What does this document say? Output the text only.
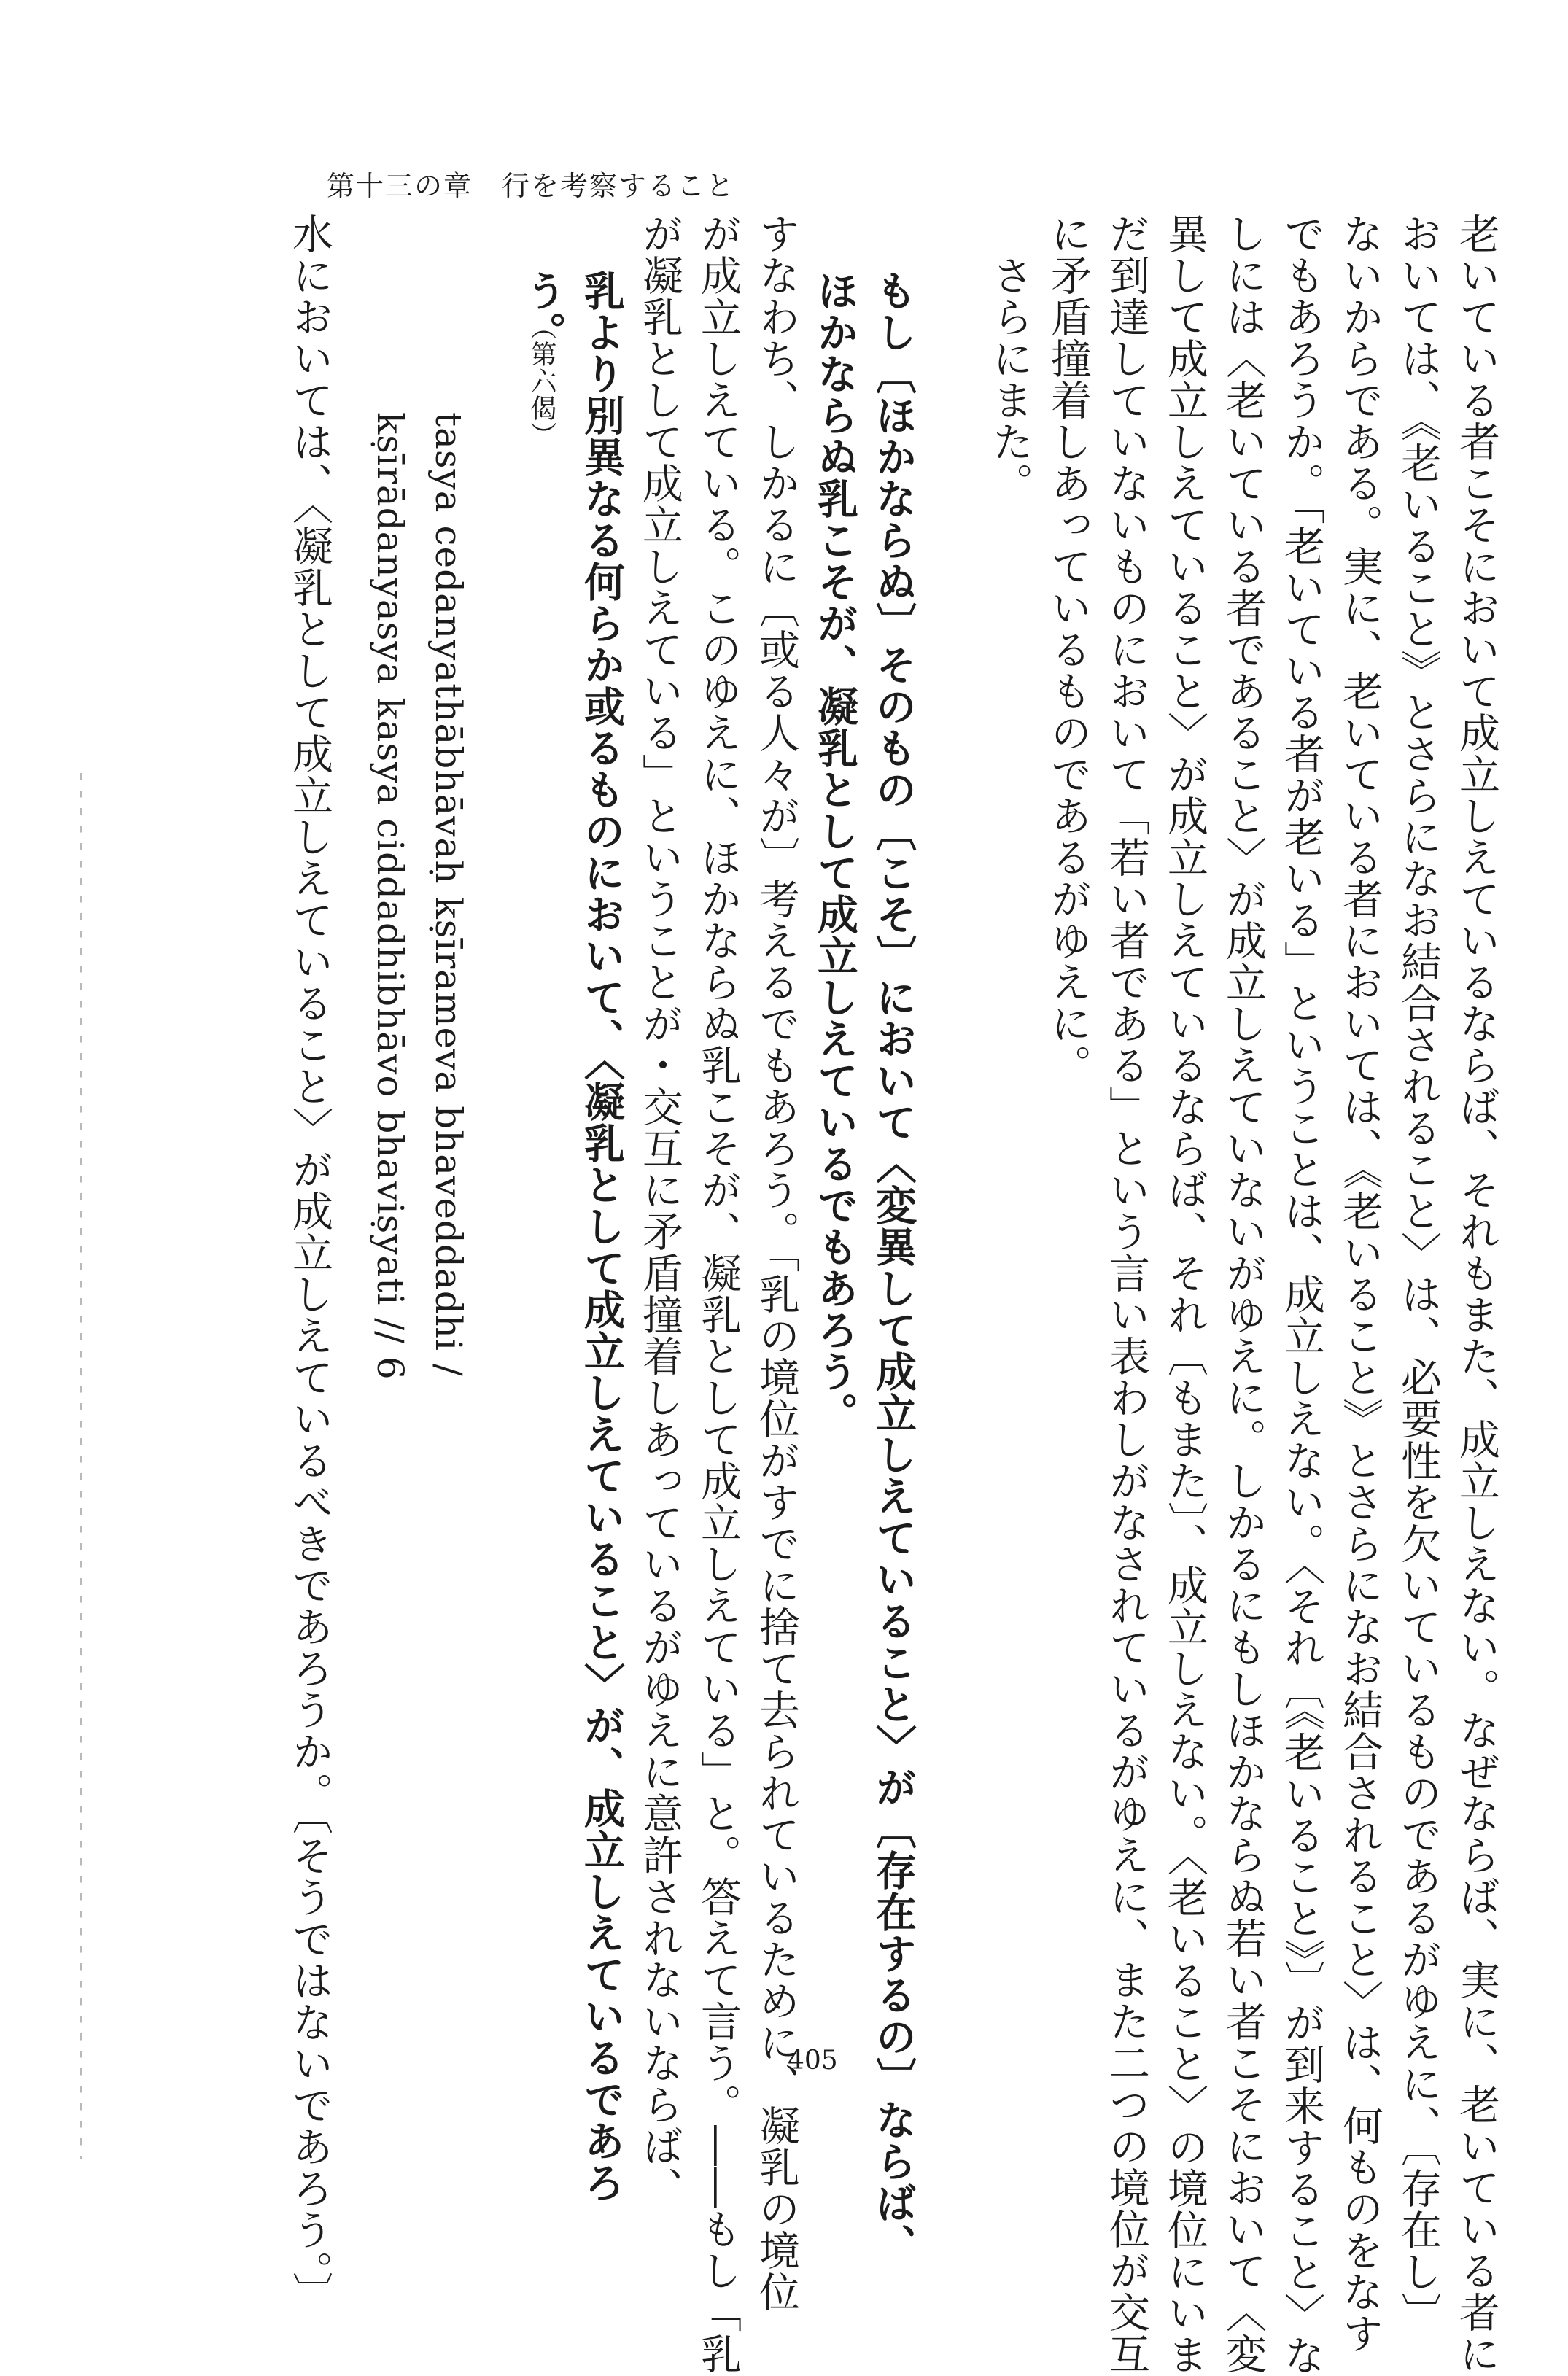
第十三の章　行を考察すること
老いている者こそにおいて成立しえているならば、それもまた、成立しえない。なぜならば、実に、老いている者に
おいては、《老いること》とさらになお結合されること〉は、必要性を欠いているものであるがゆえに、〔存在し〕
ないからである。実に、老いている者においては、《老いること》とさらになお結合されること〉は、何ものをなす
でもあろうか。「老いている者が老いる」ということは、成立しえない。〈それ〔《老いること》〕が到来すること〉な
しには〈老いている者であること〉が成立しえていないがゆえに。しかるにもしほかならぬ若い者こそにおいて〈変
異して成立しえていること〉が成立しえているならば、それ〔もまた〕、成立しえない。〈老いること〉の境位にいま
だ到達していないものにおいて「若い者である」という言い表わしがなされているがゆえに、また二つの境位が交互
に矛盾撞着しあっているものであるがゆえに。
　さらにまた。
もし〔ほかならぬ〕そのもの〔こそ〕において〈変異して成立しえていること〉が〔存在するの〕ならば、
ほかならぬ乳こそが、凝乳として成立しえているでもあろう。
すなわち、しかるに〔或る人々が〕考えるでもあろう。「乳の境位がすでに捨て去られているために、凝乳の境位
が成立しえている。このゆえに、ほかならぬ乳こそが、凝乳として成立しえている」と。答えて言う。――もし「乳
が凝乳として成立しえている」ということが・交互に矛盾撞着しあっているがゆえに意許されないならば、
乳より別異なる何らか或るものにおいて、〈凝乳として成立しえていること〉が、成立しえているであろ
う。
（第六偈）
tasya cedanyathābhāvaḥ kṣīrameva bhaveddadhi /
kṣīrādanyasya kasya ciddadhibhāvo bhaviṣyati // 6
水においては、〈凝乳として成立しえていること〉が成立しえているべきであろうか。〔そうではないであろう。〕	405
